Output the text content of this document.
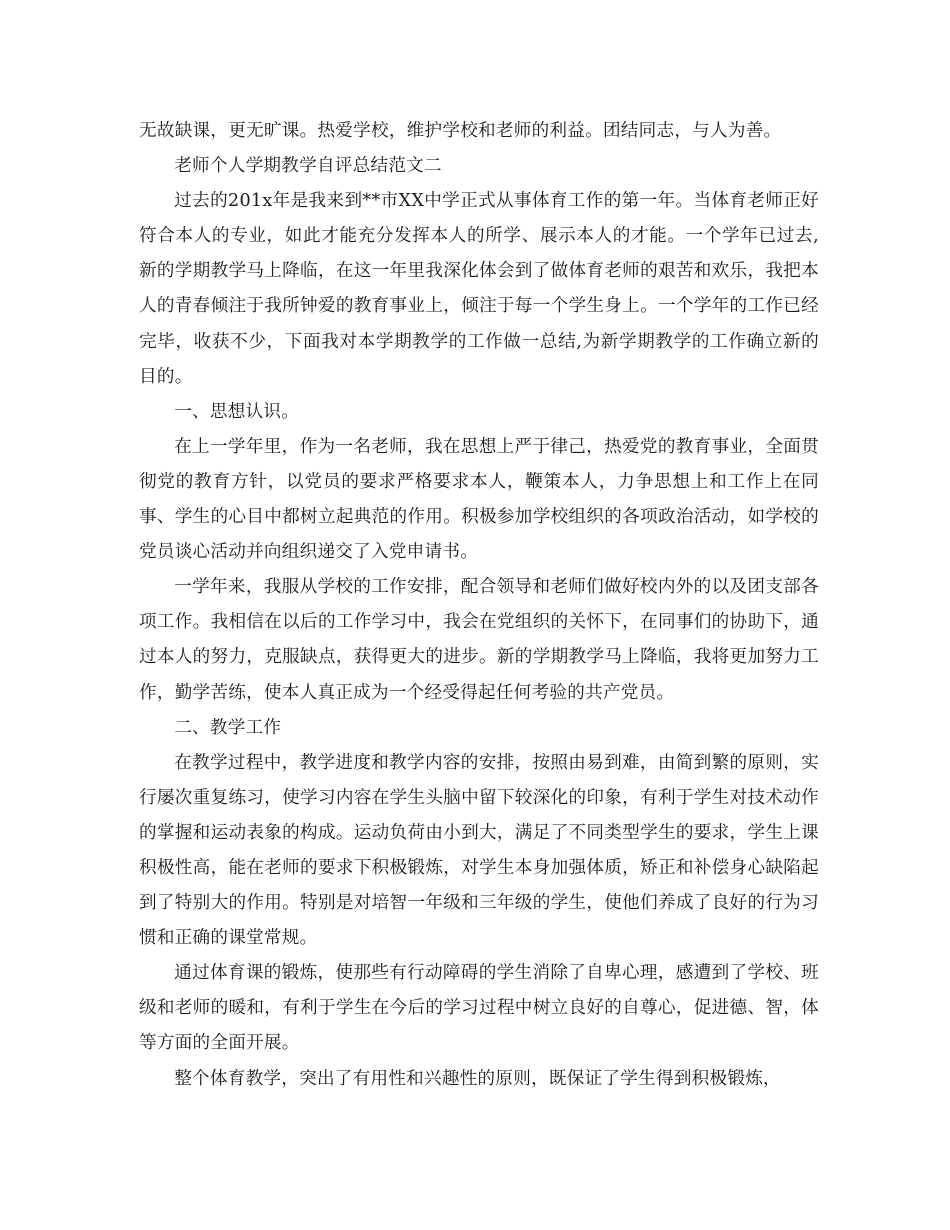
无故缺课，更无旷课。热爱学校，维护学校和老师的利益。团结同志，与人为善。

老师个人学期教学自评总结范文二

过去的201x年是我来到**市XX中学正式从事体育工作的第一年。当体育老师正好符合本人的专业，如此才能充分发挥本人的所学、展示本人的才能。一个学年已过去,新的学期教学马上降临，在这一年里我深化体会到了做体育老师的艰苦和欢乐，我把本人的青春倾注于我所钟爱的教育事业上，倾注于每一个学生身上。一个学年的工作已经完毕，收获不少，下面我对本学期教学的工作做一总结,为新学期教学的工作确立新的目的。

一、思想认识。

在上一学年里，作为一名老师，我在思想上严于律己，热爱党的教育事业，全面贯彻党的教育方针，以党员的要求严格要求本人，鞭策本人，力争思想上和工作上在同事、学生的心目中都树立起典范的作用。积极参加学校组织的各项政治活动，如学校的党员谈心活动并向组织递交了入党申请书。

一学年来，我服从学校的工作安排，配合领导和老师们做好校内外的以及团支部各项工作。我相信在以后的工作学习中，我会在党组织的关怀下，在同事们的协助下，通过本人的努力，克服缺点，获得更大的进步。新的学期教学马上降临，我将更加努力工作，勤学苦练，使本人真正成为一个经受得起任何考验的共产党员。

二、教学工作

在教学过程中，教学进度和教学内容的安排，按照由易到难，由简到繁的原则，实行屡次重复练习，使学习内容在学生头脑中留下较深化的印象，有利于学生对技术动作的掌握和运动表象的构成。运动负荷由小到大，满足了不同类型学生的要求，学生上课积极性高，能在老师的要求下积极锻炼，对学生本身加强体质，矫正和补偿身心缺陷起到了特别大的作用。特别是对培智一年级和三年级的学生，使他们养成了良好的行为习惯和正确的课堂常规。

通过体育课的锻炼，使那些有行动障碍的学生消除了自卑心理，感遭到了学校、班级和老师的暖和，有利于学生在今后的学习过程中树立良好的自尊心，促进德、智，体等方面的全面开展。

整个体育教学，突出了有用性和兴趣性的原则，既保证了学生得到积极锻炼，
